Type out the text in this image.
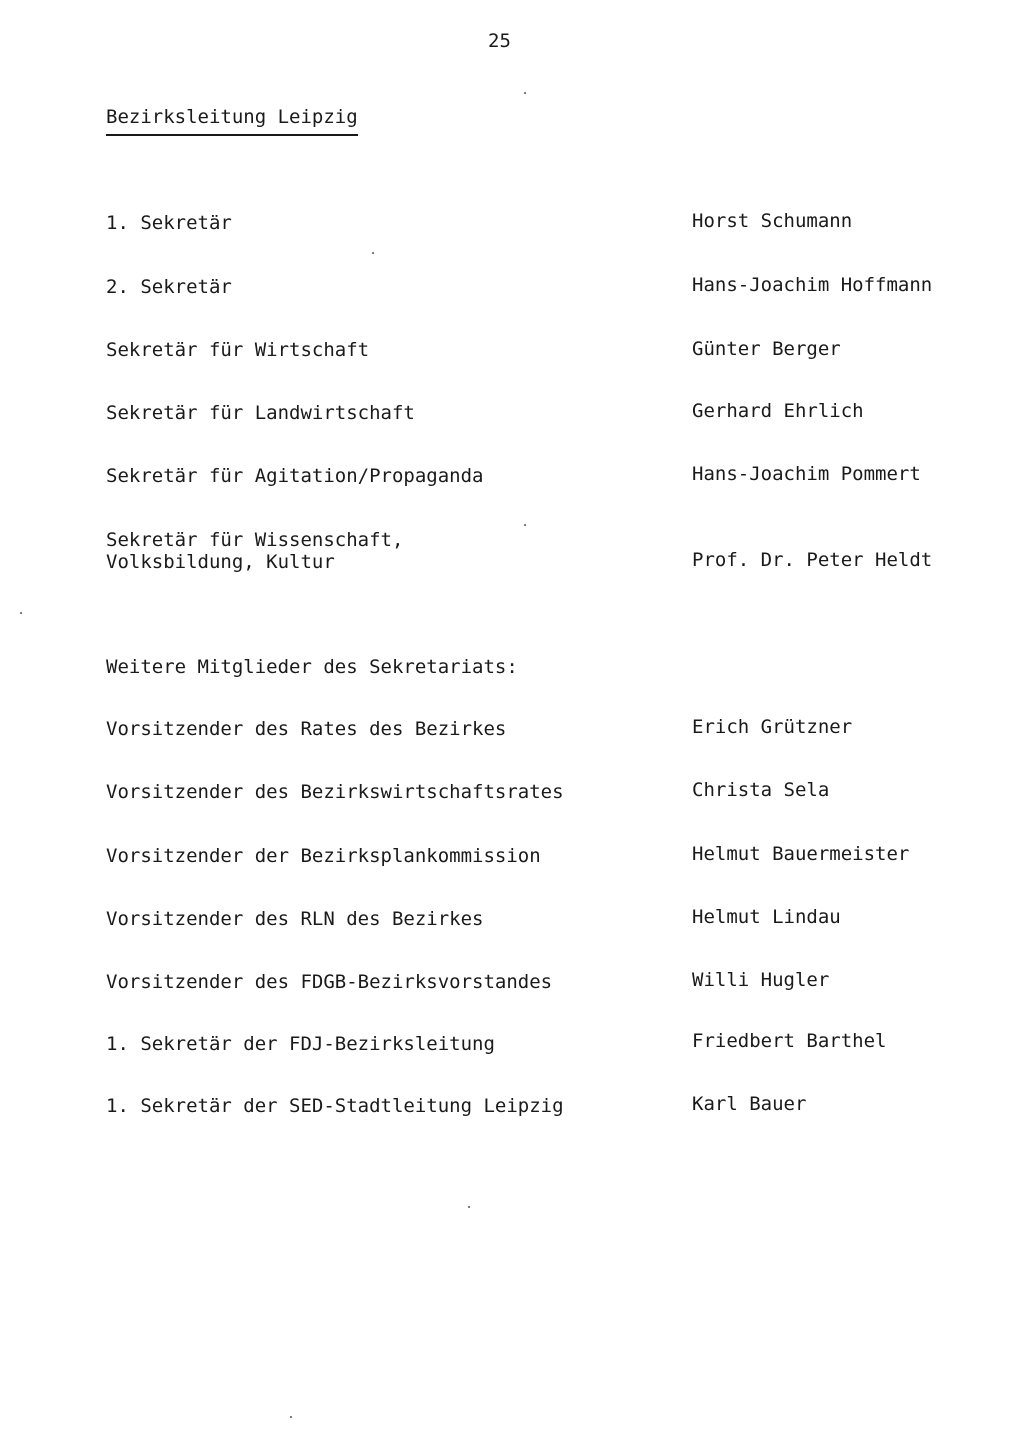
25
Bezirksleitung Leipzig
1. Sekretär	Horst Schumann
2. Sekretär	Hans-Joachim Hoffmann
Sekretär für Wirtschaft	Günter Berger
Sekretär für Landwirtschaft	Gerhard Ehrlich
Sekretär für Agitation/Propaganda	Hans-Joachim Pommert
Sekretär für Wissenschaft,
Volksbildung, Kultur	Prof. Dr. Peter Heldt
Weitere Mitglieder des Sekretariats:
Vorsitzender des Rates des Bezirkes	Erich Grützner
Vorsitzender des Bezirkswirtschaftsrates	Christa Sela
Vorsitzender der Bezirksplankommission	Helmut Bauermeister
Vorsitzender des RLN des Bezirkes	Helmut Lindau
Vorsitzender des FDGB-Bezirksvorstandes	Willi Hugler
1. Sekretär der FDJ-Bezirksleitung	Friedbert Barthel
1. Sekretär der SED-Stadtleitung Leipzig	Karl Bauer
